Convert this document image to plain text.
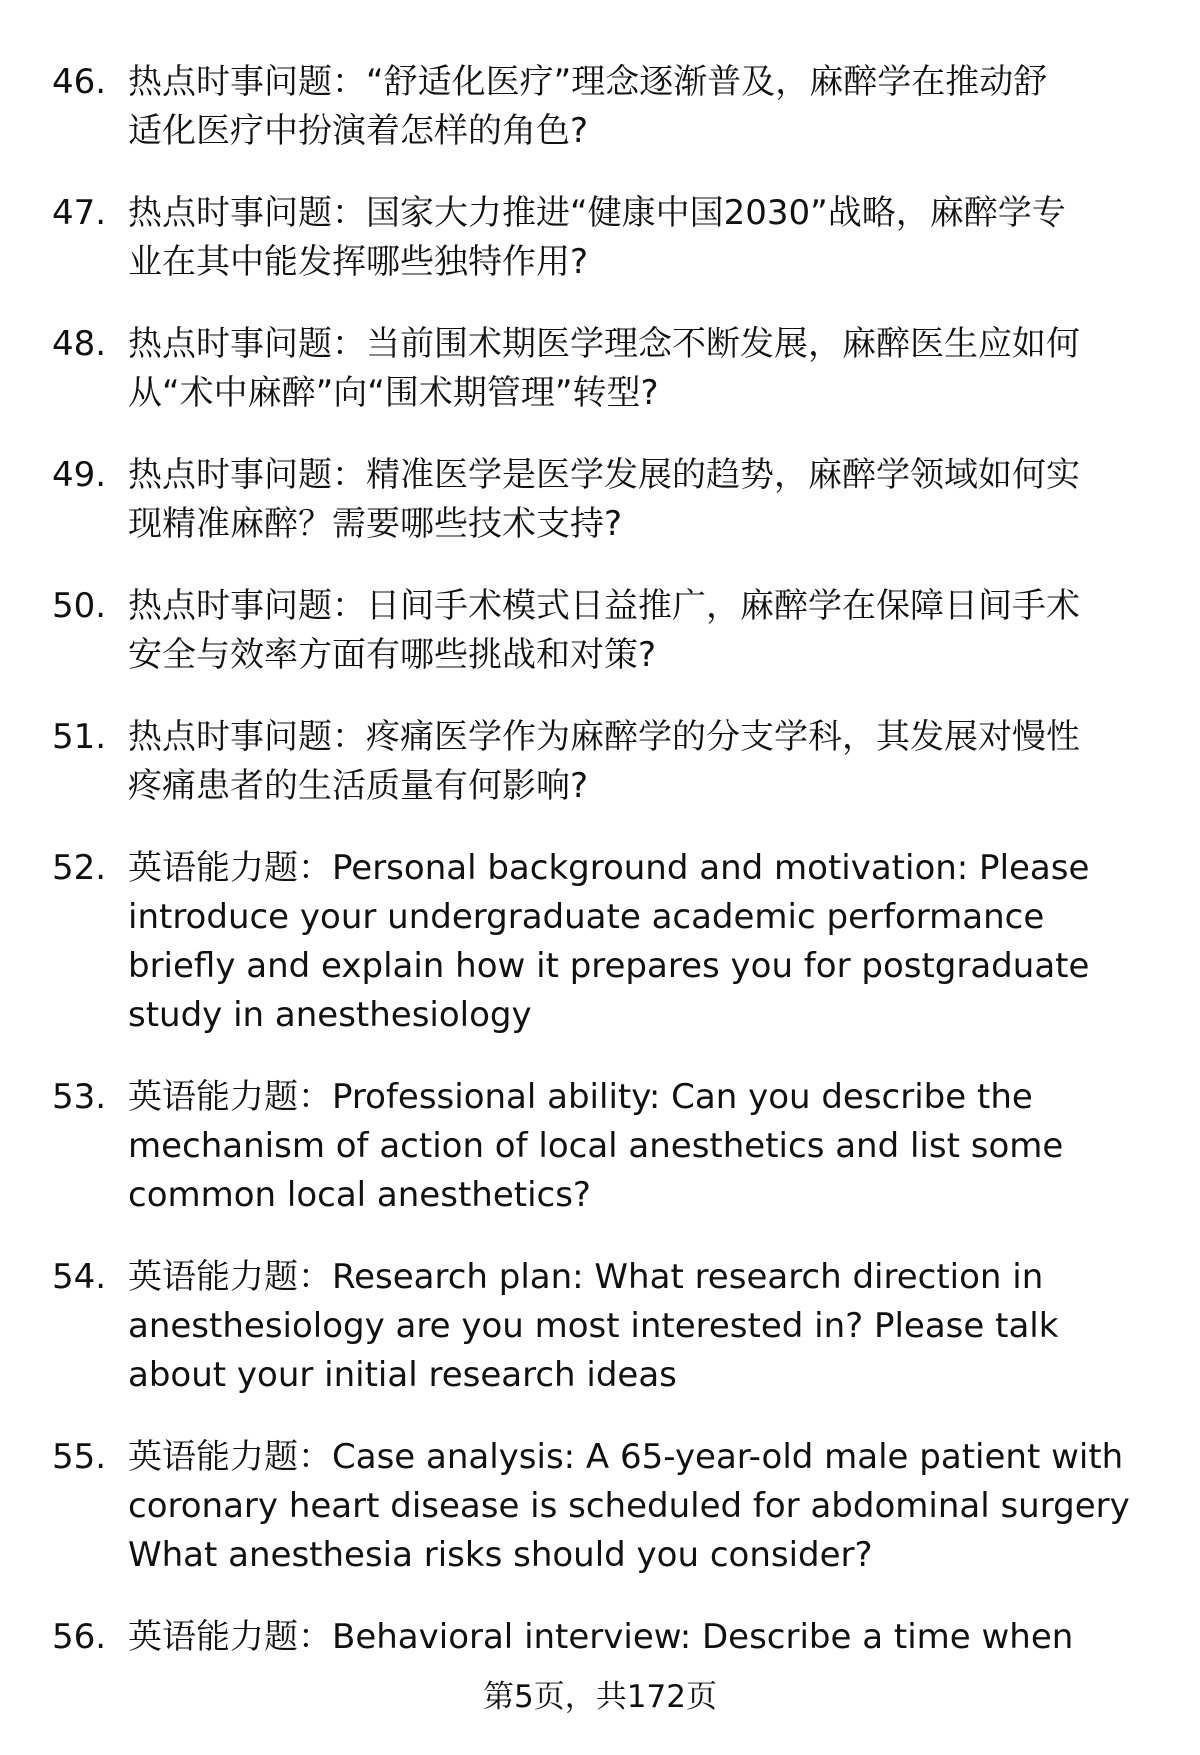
46. 热点时事问题：“舒适化医疗”理念逐渐普及，麻醉学在推动舒
适化医疗中扮演着怎样的角色?
47. 热点时事问题：国家大力推进“健康中国2030”战略，麻醉学专
业在其中能发挥哪些独特作用?
48. 热点时事问题：当前围术期医学理念不断发展，麻醉医生应如何
从“术中麻醉”向“围术期管理”转型?
49. 热点时事问题：精准医学是医学发展的趋势，麻醉学领域如何实
现精准麻醉？需要哪些技术支持?
50. 热点时事问题：日间手术模式日益推广，麻醉学在保障日间手术
安全与效率方面有哪些挑战和对策?
51. 热点时事问题：疼痛医学作为麻醉学的分支学科，其发展对慢性
疼痛患者的生活质量有何影响?
52. 英语能力题：Personal background and motivation: Please
introduce your undergraduate academic performance
briefly and explain how it prepares you for postgraduate
study in anesthesiology
53. 英语能力题：Professional ability: Can you describe the
mechanism of action of local anesthetics and list some
common local anesthetics?
54. 英语能力题：Research plan: What research direction in
anesthesiology are you most interested in? Please talk
about your initial research ideas
55. 英语能力题：Case analysis: A 65-year-old male patient with
coronary heart disease is scheduled for abdominal surgery
What anesthesia risks should you consider?
56. 英语能力题：Behavioral interview: Describe a time when
第5页，共172页
